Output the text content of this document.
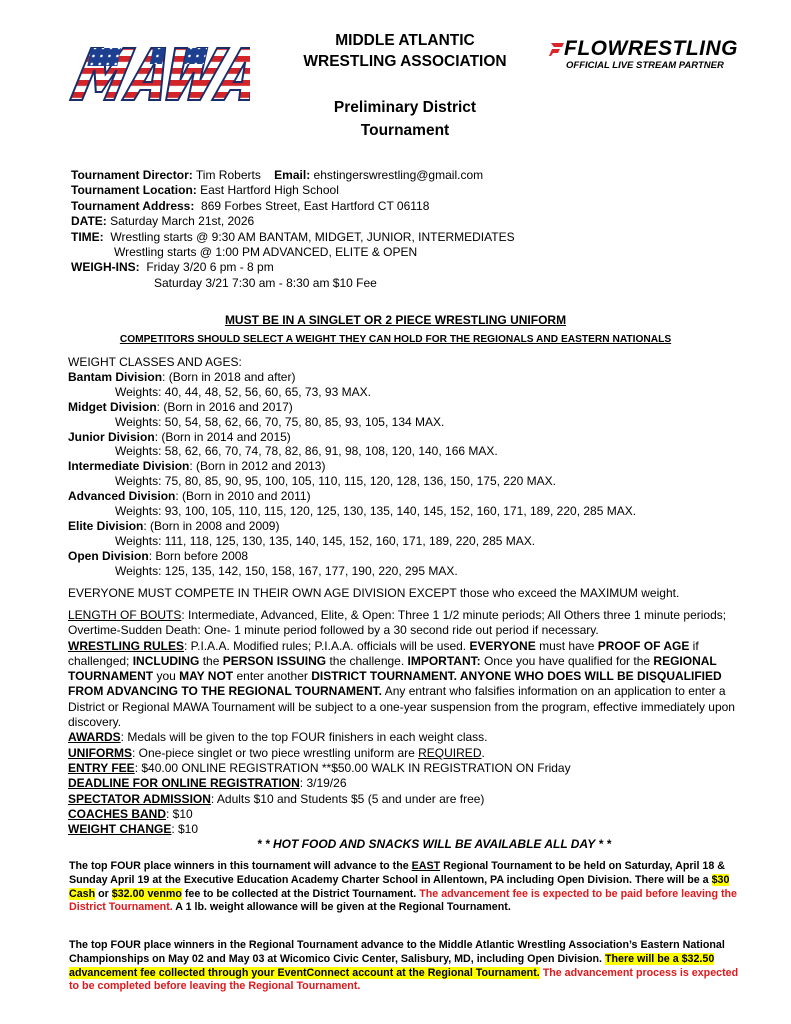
MAWA	MIDDLE ATLANTIC
WRESTLING ASSOCIATION
Preliminary District
Tournament
FLOWRESTLING
OFFICIAL LIVE STREAM PARTNER
Tournament Director: Tim Roberts Email: ehstingerswrestling@gmail.com
Tournament Location: East Hartford High School
Tournament Address: 869 Forbes Street, East Hartford CT 06118
DATE: Saturday March 21st, 2026
TIME: Wrestling starts @ 9:30 AM BANTAM, MIDGET, JUNIOR, INTERMEDIATES
Wrestling starts @ 1:00 PM ADVANCED, ELITE & OPEN
WEIGH-INS: Friday 3/20 6 pm - 8 pm
Saturday 3/21 7:30 am - 8:30 am $10 Fee
MUST BE IN A SINGLET OR 2 PIECE WRESTLING UNIFORM
COMPETITORS SHOULD SELECT A WEIGHT THEY CAN HOLD FOR THE REGIONALS AND EASTERN NATIONALS
WEIGHT CLASSES AND AGES:
Bantam Division: (Born in 2018 and after)
Weights: 40, 44, 48, 52, 56, 60, 65, 73, 93 MAX.
Midget Division: (Born in 2016 and 2017)
Weights: 50, 54, 58, 62, 66, 70, 75, 80, 85, 93, 105, 134 MAX.
Junior Division: (Born in 2014 and 2015)
Weights: 58, 62, 66, 70, 74, 78, 82, 86, 91, 98, 108, 120, 140, 166 MAX.
Intermediate Division: (Born in 2012 and 2013)
Weights: 75, 80, 85, 90, 95, 100, 105, 110, 115, 120, 128, 136, 150, 175, 220 MAX.
Advanced Division: (Born in 2010 and 2011)
Weights: 93, 100, 105, 110, 115, 120, 125, 130, 135, 140, 145, 152, 160, 171, 189, 220, 285 MAX.
Elite Division: (Born in 2008 and 2009)
Weights: 111, 118, 125, 130, 135, 140, 145, 152, 160, 171, 189, 220, 285 MAX.
Open Division: Born before 2008
Weights: 125, 135, 142, 150, 158, 167, 177, 190, 220, 295 MAX.
EVERYONE MUST COMPETE IN THEIR OWN AGE DIVISION EXCEPT those who exceed the MAXIMUM weight.
LENGTH OF BOUTS: Intermediate, Advanced, Elite, & Open: Three 1 1/2 minute periods; All Others three 1 minute periods; Overtime-Sudden Death: One- 1 minute period followed by a 30 second ride out period if necessary.
WRESTLING RULES: P.I.A.A. Modified rules; P.I.A.A. officials will be used. EVERYONE must have PROOF OF AGE if challenged; INCLUDING the PERSON ISSUING the challenge. IMPORTANT: Once you have qualified for the REGIONAL TOURNAMENT you MAY NOT enter another DISTRICT TOURNAMENT. ANYONE WHO DOES WILL BE DISQUALIFIED FROM ADVANCING TO THE REGIONAL TOURNAMENT. Any entrant who falsifies information on an application to enter a District or Regional MAWA Tournament will be subject to a one-year suspension from the program, effective immediately upon discovery.
AWARDS: Medals will be given to the top FOUR finishers in each weight class.
UNIFORMS: One-piece singlet or two piece wrestling uniform are REQUIRED.
ENTRY FEE: $40.00 ONLINE REGISTRATION **$50.00 WALK IN REGISTRATION ON Friday
DEADLINE FOR ONLINE REGISTRATION: 3/19/26
SPECTATOR ADMISSION: Adults $10 and Students $5 (5 and under are free)
COACHES BAND: $10
WEIGHT CHANGE: $10
* * HOT FOOD AND SNACKS WILL BE AVAILABLE ALL DAY * *
The top FOUR place winners in this tournament will advance to the EAST Regional Tournament to be held on Saturday, April 18 & Sunday April 19 at the Executive Education Academy Charter School in Allentown, PA including Open Division. There will be a $30 Cash or $32.00 venmo fee to be collected at the District Tournament. The advancement fee is expected to be paid before leaving the District Tournament. A 1 lb. weight allowance will be given at the Regional Tournament.
The top FOUR place winners in the Regional Tournament advance to the Middle Atlantic Wrestling Association’s Eastern National Championships on May 02 and May 03 at Wicomico Civic Center, Salisbury, MD, including Open Division. There will be a $32.50 advancement fee collected through your EventConnect account at the Regional Tournament. The advancement process is expected to be completed before leaving the Regional Tournament.
